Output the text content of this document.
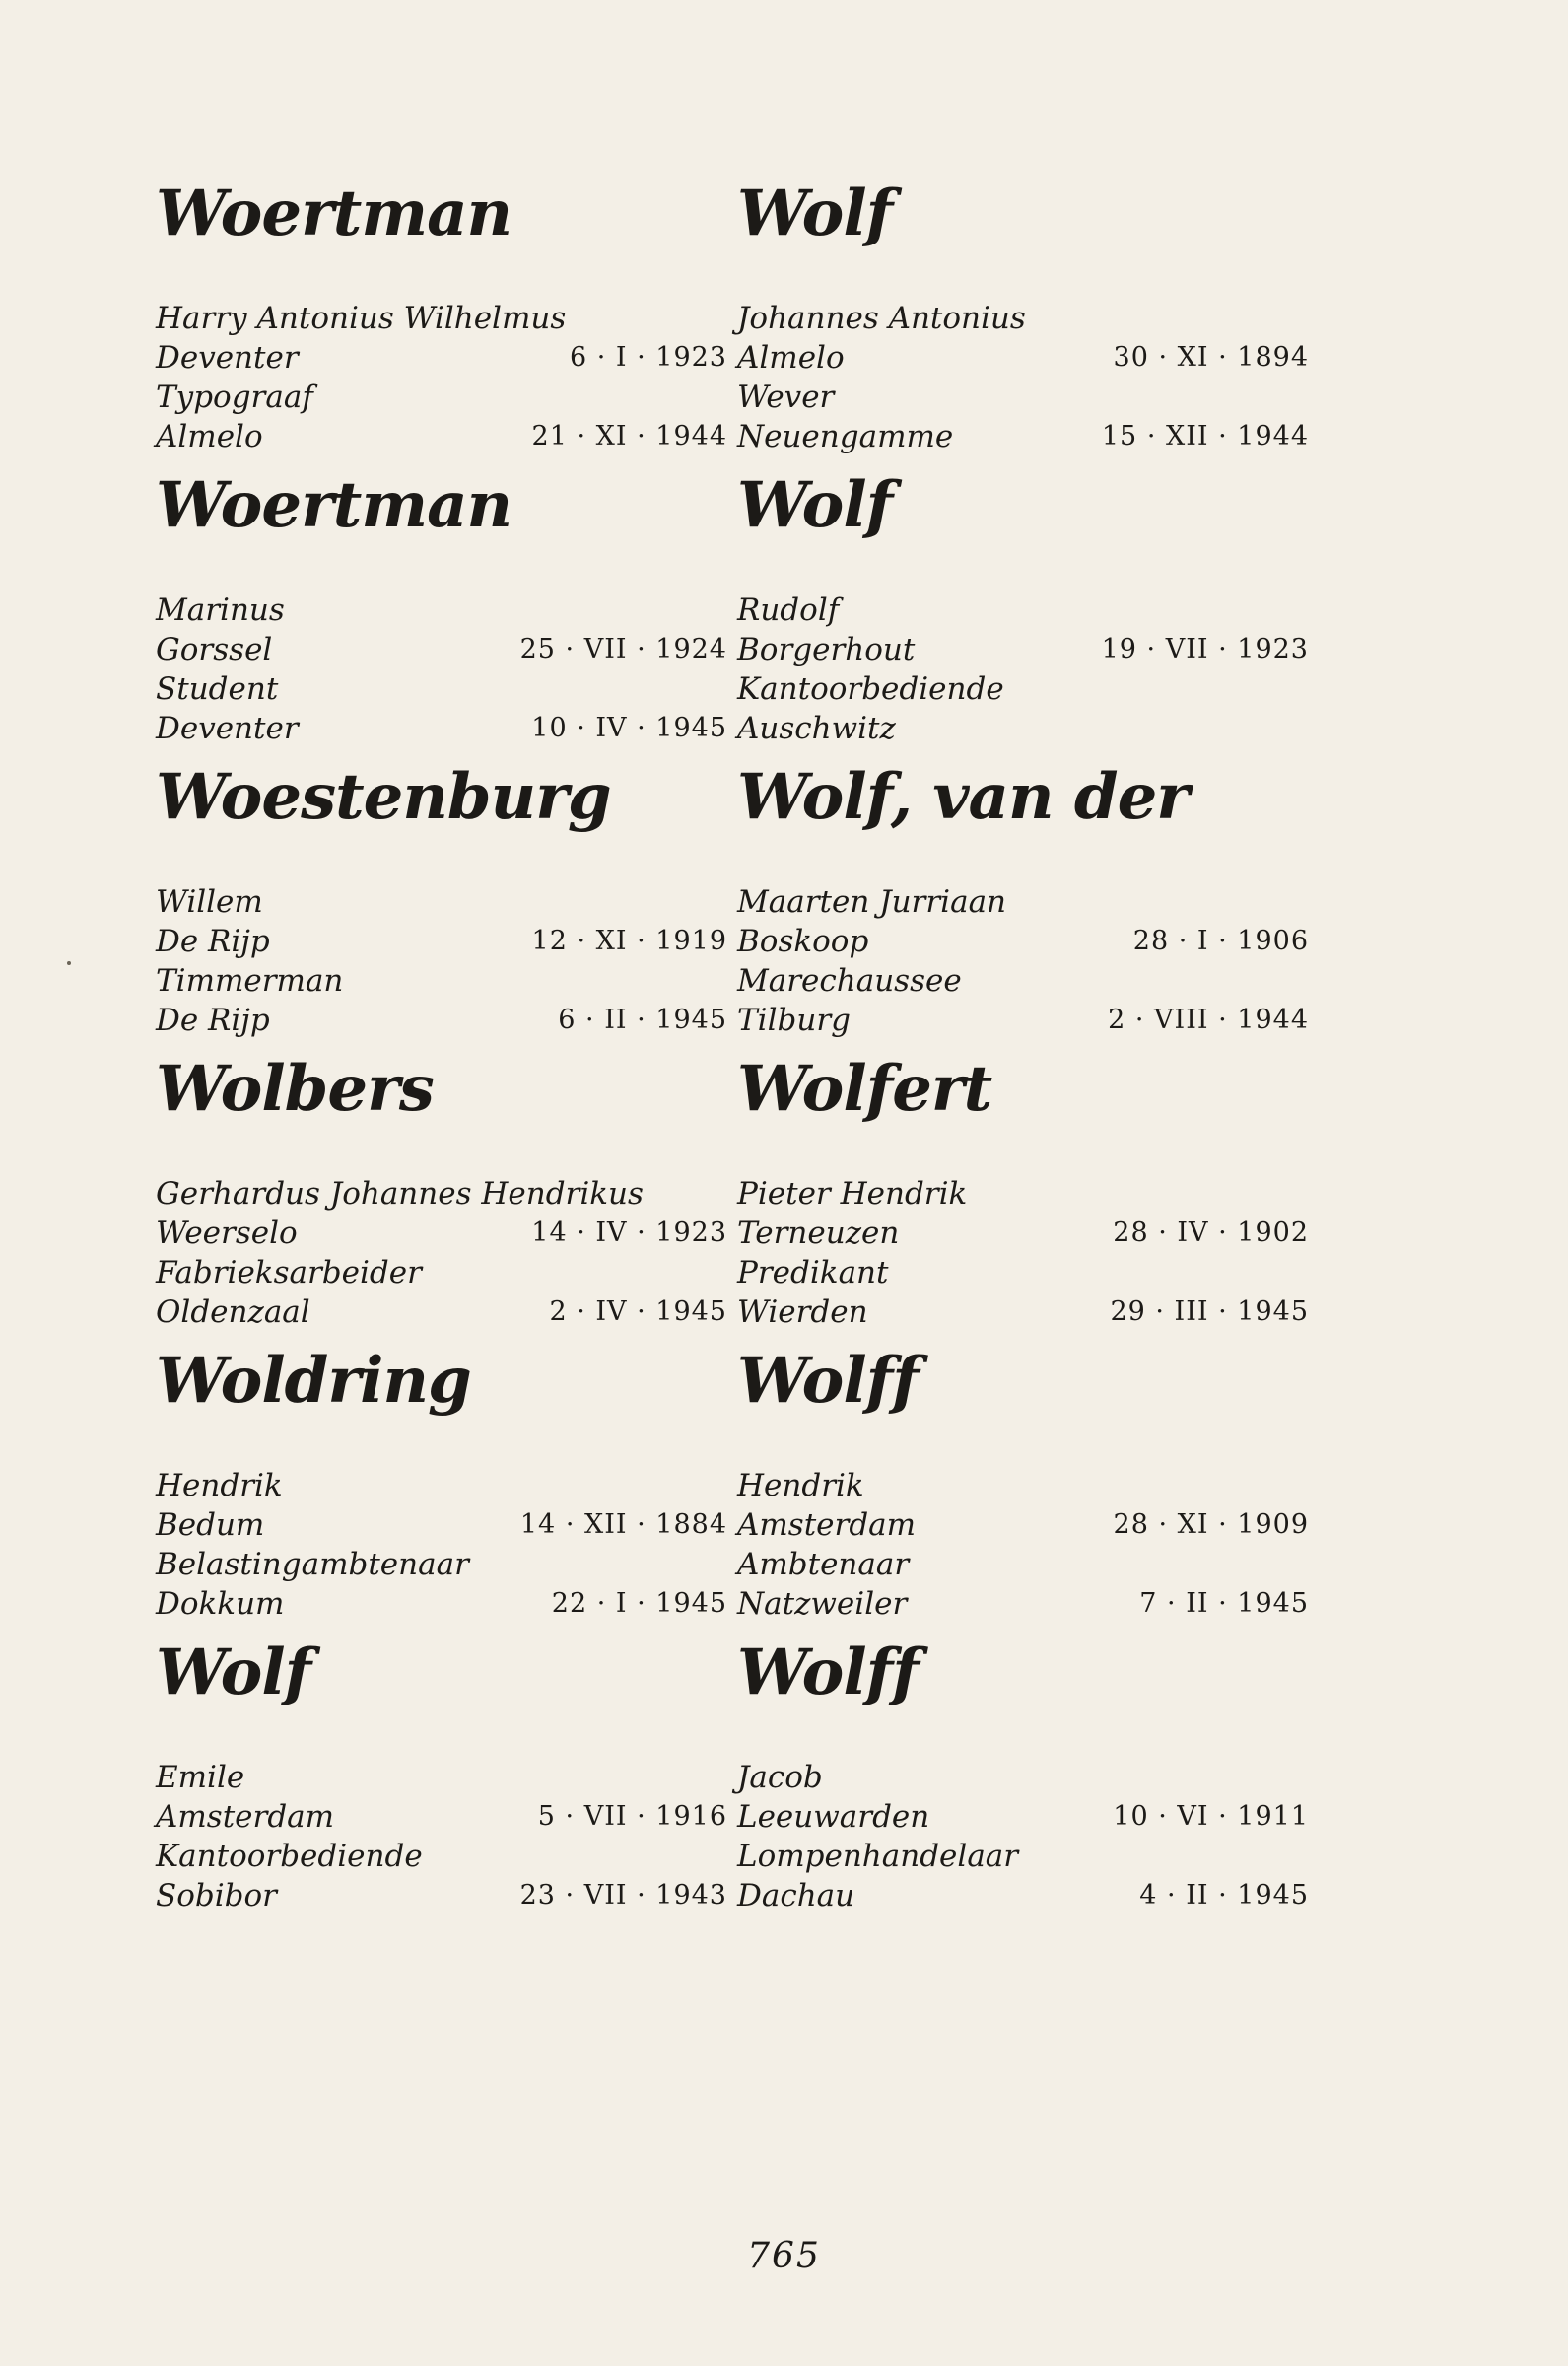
Woertman
Harry Antonius Wilhelmus
Deventer	6 · I · 1923
Typograaf
Almelo	21 · XI · 1944
Woertman
Marinus
Gorssel	25 · VII · 1924
Student
Deventer	10 · IV · 1945
Woestenburg
Willem
De Rijp	12 · XI · 1919
Timmerman
De Rijp	6 · II · 1945
Wolbers
Gerhardus Johannes Hendrikus
Weerselo	14 · IV · 1923
Fabrieksarbeider
Oldenzaal	2 · IV · 1945
Woldring
Hendrik
Bedum	14 · XII · 1884
Belastingambtenaar
Dokkum	22 · I · 1945
Wolf
Emile
Amsterdam	5 · VII · 1916
Kantoorbediende
Sobibor	23 · VII · 1943
Wolf
Johannes Antonius
Almelo	30 · XI · 1894
Wever
Neuengamme	15 · XII · 1944
Wolf
Rudolf
Borgerhout	19 · VII · 1923
Kantoorbediende
Auschwitz
Wolf, van der
Maarten Jurriaan
Boskoop	28 · I · 1906
Marechaussee
Tilburg	2 · VIII · 1944
Wolfert
Pieter Hendrik
Terneuzen	28 · IV · 1902
Predikant
Wierden	29 · III · 1945
Wolff
Hendrik
Amsterdam	28 · XI · 1909
Ambtenaar
Natzweiler	7 · II · 1945
Wolff
Jacob
Leeuwarden	10 · VI · 1911
Lompenhandelaar
Dachau	4 · II · 1945
765
